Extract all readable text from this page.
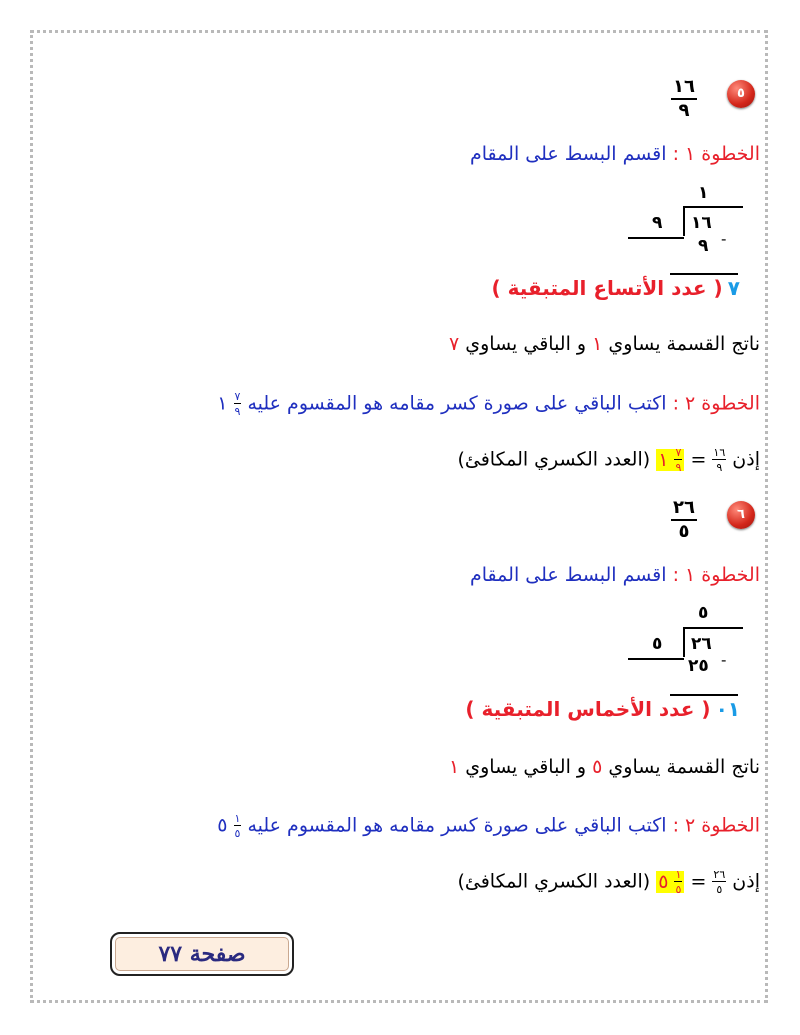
٥
$\frac{١٦}{٩}$
الخطوة ١ : اقسم البسط على المقام
١
١٦
٩
٩ -
٧ ( عدد الأتساع المتبقية )
ناتج القسمة يساوي ١ و الباقي يساوي ٧
الخطوة ٢ : اكتب الباقي على صورة كسر مقامه هو المقسوم عليه
$\frac{٧}{٩}$
١
إذن
$\frac{١٦}{٩}$
=
$\frac{٧}{٩}$
١ (العدد الكسري المكافئ)
٦
$\frac{٢٦}{٥}$
الخطوة ١ : اقسم البسط على المقام
٥
٢٦
٥
٢٥ -
٠١ ( عدد الأخماس المتبقية )
ناتج القسمة يساوي ٥ و الباقي يساوي ١
الخطوة ٢ : اكتب الباقي على صورة كسر مقامه هو المقسوم عليه
$\frac{١}{٥}$
٥
إذن
$\frac{٢٦}{٥}$
=
$\frac{١}{٥}$
٥ (العدد الكسري المكافئ)
صفحة ٧٧
